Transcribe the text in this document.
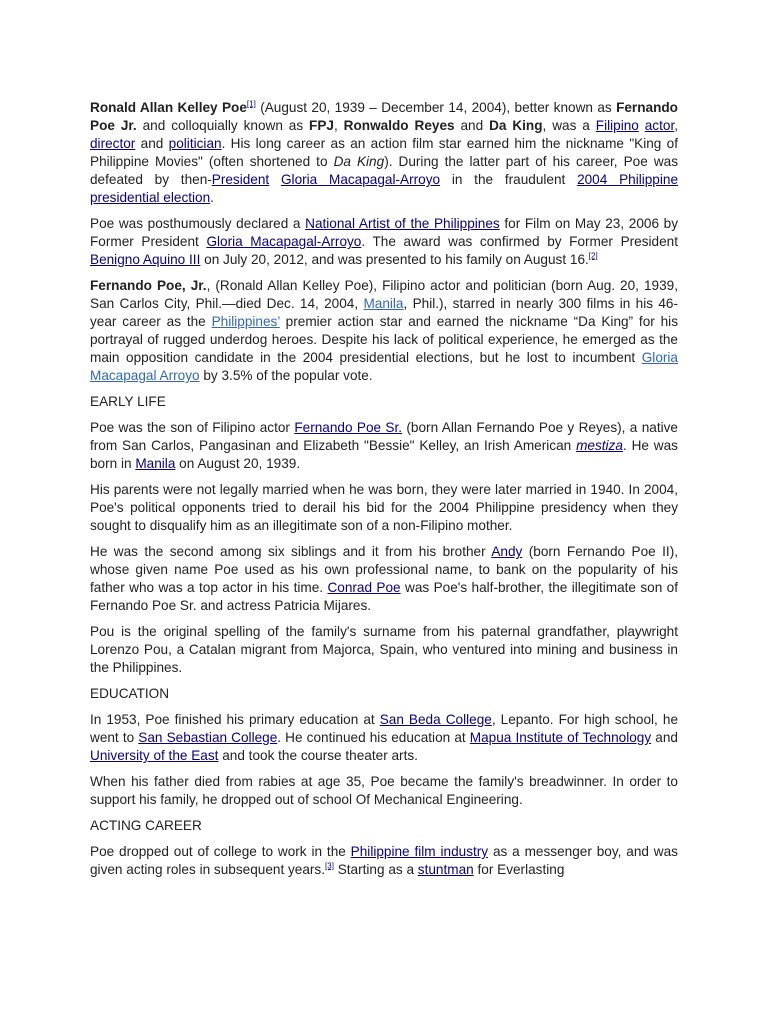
Ronald Allan Kelley Poe[1] (August 20, 1939 – December 14, 2004), better known as Fernando Poe Jr. and colloquially known as FPJ, Ronwaldo Reyes and Da King, was a Filipino actor, director and politician. His long career as an action film star earned him the nickname "King of Philippine Movies" (often shortened to Da King). During the latter part of his career, Poe was defeated by then-President Gloria Macapagal-Arroyo in the fraudulent 2004 Philippine presidential election.

Poe was posthumously declared a National Artist of the Philippines for Film on May 23, 2006 by Former President Gloria Macapagal-Arroyo. The award was confirmed by Former President Benigno Aquino III on July 20, 2012, and was presented to his family on August 16.[2]

Fernando Poe, Jr., (Ronald Allan Kelley Poe), Filipino actor and politician (born Aug. 20, 1939, San Carlos City, Phil.—died Dec. 14, 2004, Manila, Phil.), starred in nearly 300 films in his 46-year career as the Philippines’ premier action star and earned the nickname “Da King” for his portrayal of rugged underdog heroes. Despite his lack of political experience, he emerged as the main opposition candidate in the 2004 presidential elections, but he lost to incumbent Gloria Macapagal Arroyo by 3.5% of the popular vote.

EARLY LIFE

Poe was the son of Filipino actor Fernando Poe Sr. (born Allan Fernando Poe y Reyes), a native from San Carlos, Pangasinan and Elizabeth "Bessie" Kelley, an Irish American mestiza. He was born in Manila on August 20, 1939.

His parents were not legally married when he was born, they were later married in 1940. In 2004, Poe's political opponents tried to derail his bid for the 2004 Philippine presidency when they sought to disqualify him as an illegitimate son of a non-Filipino mother.

He was the second among six siblings and it from his brother Andy (born Fernando Poe II), whose given name Poe used as his own professional name, to bank on the popularity of his father who was a top actor in his time. Conrad Poe was Poe's half-brother, the illegitimate son of Fernando Poe Sr. and actress Patricia Mijares.

Pou is the original spelling of the family's surname from his paternal grandfather, playwright Lorenzo Pou, a Catalan migrant from Majorca, Spain, who ventured into mining and business in the Philippines.

EDUCATION

In 1953, Poe finished his primary education at San Beda College, Lepanto. For high school, he went to San Sebastian College. He continued his education at Mapua Institute of Technology and University of the East and took the course theater arts.

When his father died from rabies at age 35, Poe became the family's breadwinner. In order to support his family, he dropped out of school Of Mechanical Engineering.

ACTING CAREER

Poe dropped out of college to work in the Philippine film industry as a messenger boy, and was given acting roles in subsequent years.[3] Starting as a stuntman for Everlasting
